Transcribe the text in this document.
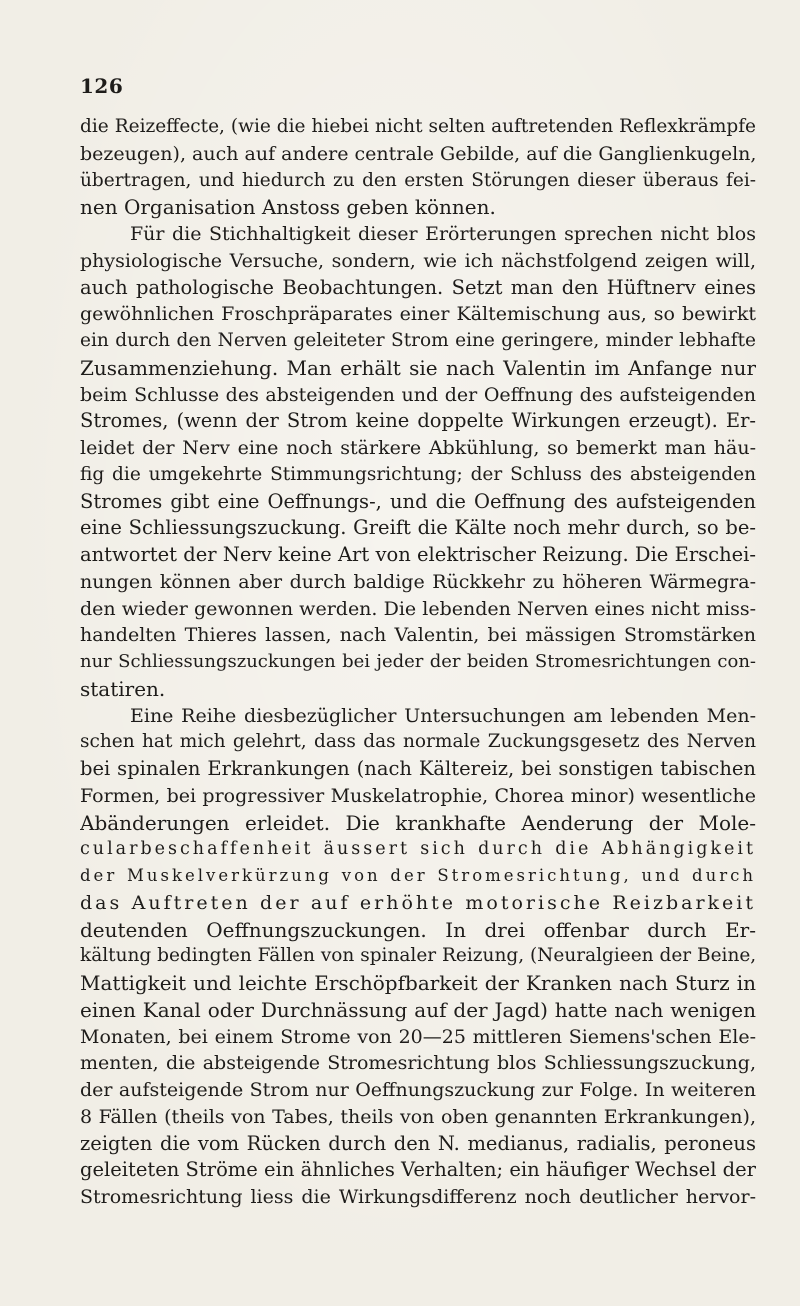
126
die Reizeffecte, (wie die hiebei nicht selten auftretenden Reflexkrämpfe
bezeugen), auch auf andere centrale Gebilde, auf die Ganglienkugeln,
übertragen, und hiedurch zu den ersten Störungen dieser überaus fei-
nen Organisation Anstoss geben können.
Für die Stichhaltigkeit dieser Erörterungen sprechen nicht blos
physiologische Versuche, sondern, wie ich nächstfolgend zeigen will,
auch pathologische Beobachtungen. Setzt man den Hüftnerv eines
gewöhnlichen Froschpräparates einer Kältemischung aus, so bewirkt
ein durch den Nerven geleiteter Strom eine geringere, minder lebhafte
Zusammenziehung. Man erhält sie nach Valentin im Anfange nur
beim Schlusse des absteigenden und der Oeffnung des aufsteigenden
Stromes, (wenn der Strom keine doppelte Wirkungen erzeugt). Er-
leidet der Nerv eine noch stärkere Abkühlung, so bemerkt man häu-
fig die umgekehrte Stimmungsrichtung; der Schluss des absteigenden
Stromes gibt eine Oeffnungs-, und die Oeffnung des aufsteigenden
eine Schliessungszuckung. Greift die Kälte noch mehr durch, so be-
antwortet der Nerv keine Art von elektrischer Reizung. Die Erschei-
nungen können aber durch baldige Rückkehr zu höheren Wärmegra-
den wieder gewonnen werden. Die lebenden Nerven eines nicht miss-
handelten Thieres lassen, nach Valentin, bei mässigen Stromstärken
nur Schliessungszuckungen bei jeder der beiden Stromesrichtungen con-
statiren.
Eine Reihe diesbezüglicher Untersuchungen am lebenden Men-
schen hat mich gelehrt, dass das normale Zuckungsgesetz des Nerven
bei spinalen Erkrankungen (nach Kältereiz, bei sonstigen tabischen
Formen, bei progressiver Muskelatrophie, Chorea minor) wesentliche
Abänderungen erleidet. Die krankhafte Aenderung der Mole-
cularbeschaffenheit äussert sich durch die Abhängigkeit
der Muskelverkürzung von der Stromesrichtung, und durch
das Auftreten der auf erhöhte motorische Reizbarkeit
deutenden Oeffnungszuckungen. In drei offenbar durch Er-
kältung bedingten Fällen von spinaler Reizung, (Neuralgieen der Beine,
Mattigkeit und leichte Erschöpfbarkeit der Kranken nach Sturz in
einen Kanal oder Durchnässung auf der Jagd) hatte nach wenigen
Monaten, bei einem Strome von 20—25 mittleren Siemens'schen Ele-
menten, die absteigende Stromesrichtung blos Schliessungszuckung,
der aufsteigende Strom nur Oeffnungszuckung zur Folge. In weiteren
8 Fällen (theils von Tabes, theils von oben genannten Erkrankungen),
zeigten die vom Rücken durch den N. medianus, radialis, peroneus
geleiteten Ströme ein ähnliches Verhalten; ein häufiger Wechsel der
Stromesrichtung liess die Wirkungsdifferenz noch deutlicher hervor-
